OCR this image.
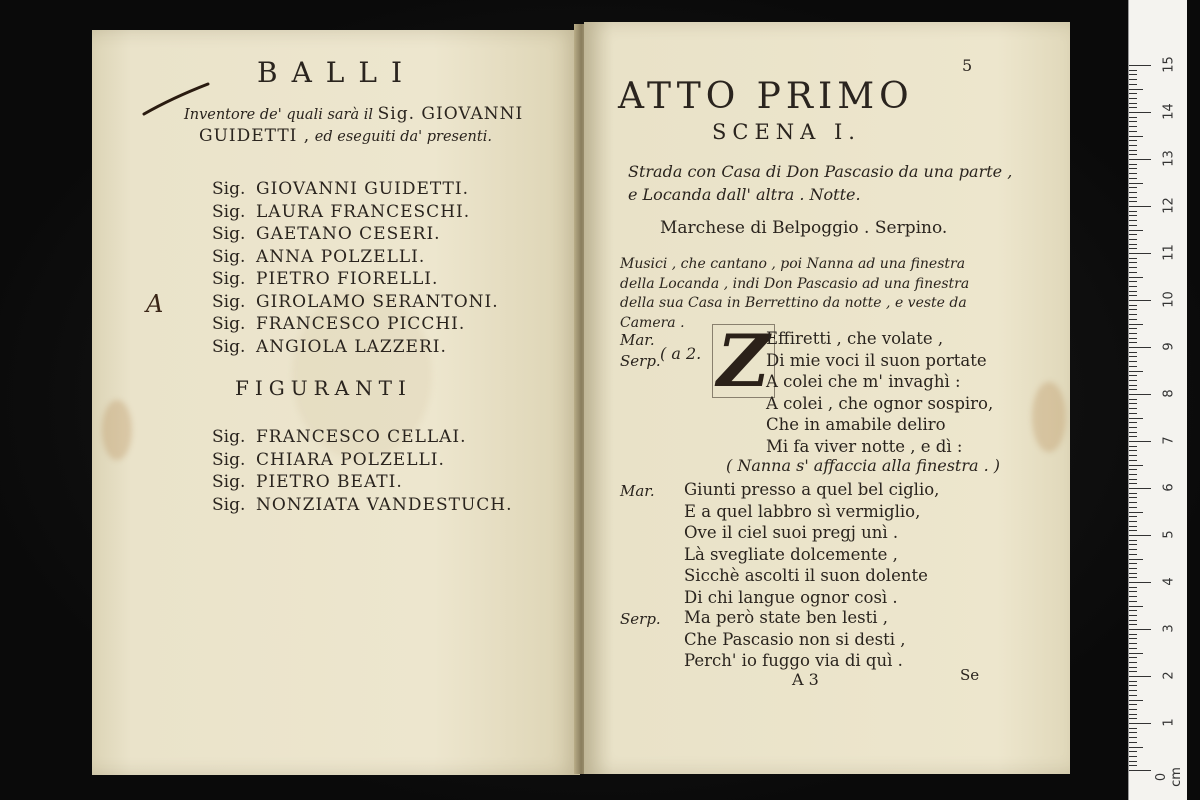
BALLI
Inventore de' quali sarà il Sig. GIOVANNI
GUIDETTI , ed eseguiti da' presenti.
Sig. GIOVANNI GUIDETTI.
Sig. LAURA FRANCESCHI.
Sig. GAETANO CESERI.
Sig. ANNA POLZELLI.
Sig. PIETRO FIORELLI.
Sig. GIROLAMO SERANTONI.
Sig. FRANCESCO PICCHI.
Sig. ANGIOLA LAZZERI.
A
FIGURANTI
Sig. FRANCESCO CELLAI.
Sig. CHIARA POLZELLI.
Sig. PIETRO BEATI.
Sig. NONZIATA VANDESTUCH.
5
ATTO PRIMO
SCENA I.
Strada con Casa di Don Pascasio da una parte ,
e Locanda dall' altra . Notte.
Marchese di Belpoggio . Serpino.
Musici , che cantano , poi Nanna ad una finestra
della Locanda , indi Don Pascasio ad una finestra
della sua Casa in Berrettino da notte , e veste da
Camera .
Mar.
Serp. ( a 2. Z
Effiretti , che volate ,
Di mie voci il suon portate
A colei che m' invaghì :
A colei , che ognor sospiro,
Che in amabile deliro
Mi fa viver notte , e dì :
( Nanna s' affaccia alla finestra . )
Mar. Giunti presso a quel bel ciglio,
E a quel labbro sì vermiglio,
Ove il ciel suoi pregj unì .
Là svegliate dolcemente ,
Sicchè ascolti il suon dolente
Di chi langue ognor così .
Serp. Ma però state ben lesti ,
Che Pascasio non si desti ,
Perch' io fuggo via di quì .
A 3	Se
0 cm
1
2
3
4
5
6
7
8
9
10
11
12
13
14
15
